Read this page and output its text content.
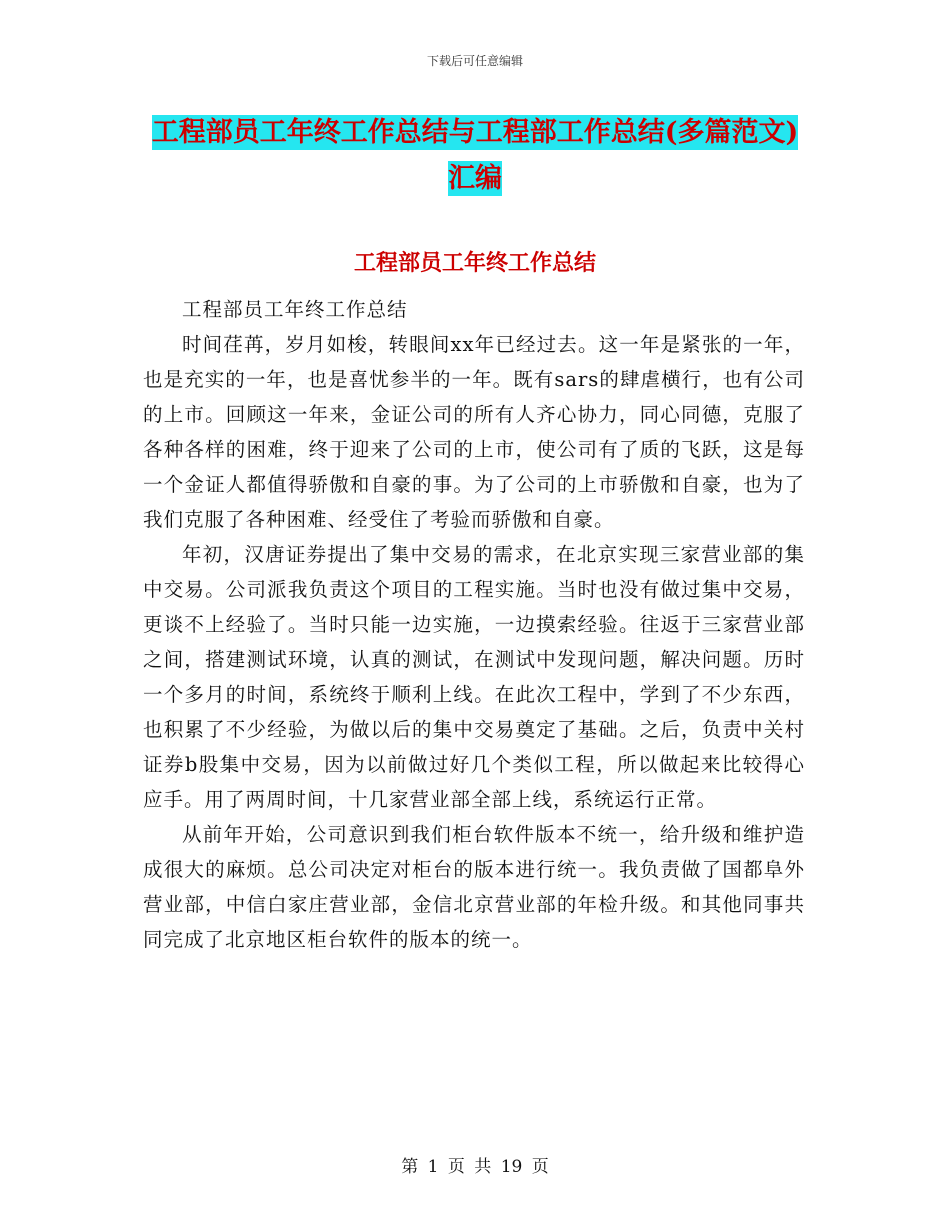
下载后可任意编辑
工程部员工年终工作总结与工程部工作总结(多篇范文)汇编
工程部员工年终工作总结

工程部员工年终工作总结

时间荏苒，岁月如梭，转眼间xx年已经过去。这一年是紧张的一年，也是充实的一年，也是喜忧参半的一年。既有sars的肆虐横行，也有公司的上市。回顾这一年来，金证公司的所有人齐心协力，同心同德，克服了各种各样的困难，终于迎来了公司的上市，使公司有了质的飞跃，这是每一个金证人都值得骄傲和自豪的事。为了公司的上市骄傲和自豪，也为了我们克服了各种困难、经受住了考验而骄傲和自豪。

年初，汉唐证券提出了集中交易的需求，在北京实现三家营业部的集中交易。公司派我负责这个项目的工程实施。当时也没有做过集中交易，更谈不上经验了。当时只能一边实施，一边摸索经验。往返于三家营业部之间，搭建测试环境，认真的测试，在测试中发现问题，解决问题。历时一个多月的时间，系统终于顺利上线。在此次工程中，学到了不少东西，也积累了不少经验，为做以后的集中交易奠定了基础。之后，负责中关村证券b股集中交易，因为以前做过好几个类似工程，所以做起来比较得心应手。用了两周时间，十几家营业部全部上线，系统运行正常。

从前年开始，公司意识到我们柜台软件版本不统一，给升级和维护造成很大的麻烦。总公司决定对柜台的版本进行统一。我负责做了国都阜外营业部，中信白家庄营业部，金信北京营业部的年检升级。和其他同事共同完成了北京地区柜台软件的版本的统一。

第 1 页 共 19 页
